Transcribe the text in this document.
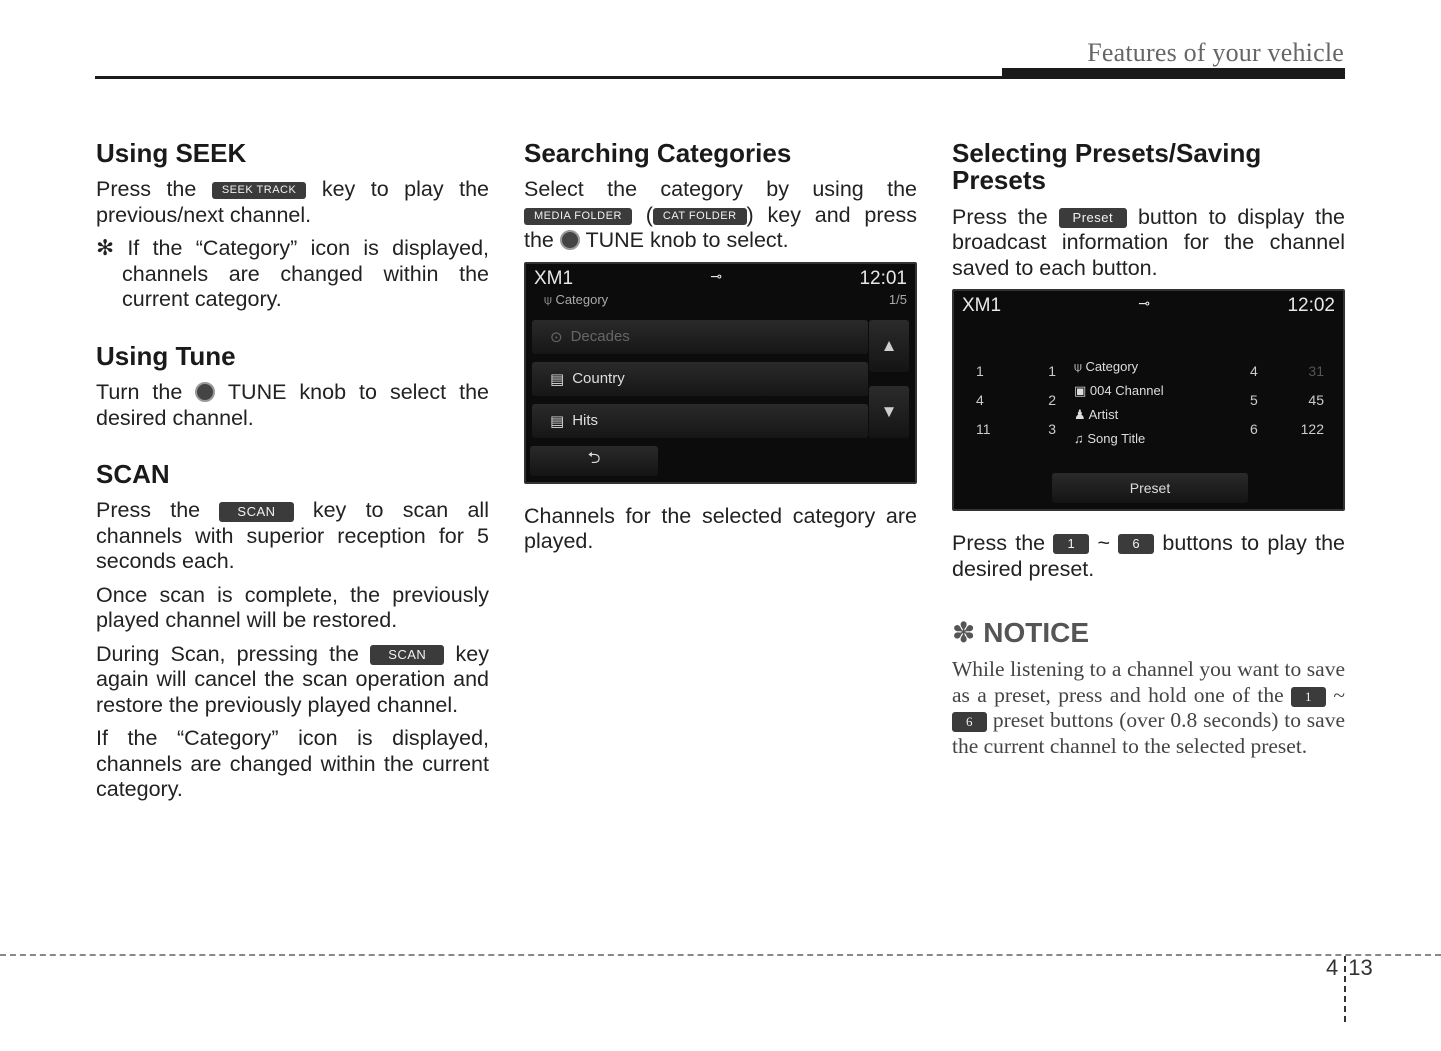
Features of your vehicle
Using SEEK

Press the SEEK TRACK key to play the previous/next channel.

✻ If the “Category” icon is displayed, channels are changed within the current category.

Using Tune

Turn the TUNE knob to select the desired channel.

SCAN

Press the	SCAN key to scan all channels with superior reception for 5 seconds each.

Once scan is complete, the previously played channel will be restored.

During Scan, pressing the SCAN key again will cancel the scan operation and restore the previously played channel.

If the “Category” icon is displayed, channels are changed within the current category.

Searching Categories

Select the category by using the MEDIA FOLDER ( CAT FOLDER ) key and press the TUNE knob to select.

XM1	⊸	12:01
⍦ Category	1/5
⊙ Decades
▤ Country
▤ Hits
▲
▼
⮌

Channels for the selected category are played.

Selecting Presets/Saving Presets

Press the Preset button to display the broadcast information for the channel saved to each button.

XM1	⊸	12:02
1	1
4	2
11	3
⍦ Category
▣ 004 Channel
♟ Artist
♫ Song Title
4	31
5	45
6	122
Preset

Press the 1 ~ 6 buttons to play the desired preset.

✽ NOTICE
While listening to a channel you want to save as a preset, press and hold one of the 1 ~ 6 preset buttons (over 0.8 seconds) to save the current channel to the selected preset.
4 13
